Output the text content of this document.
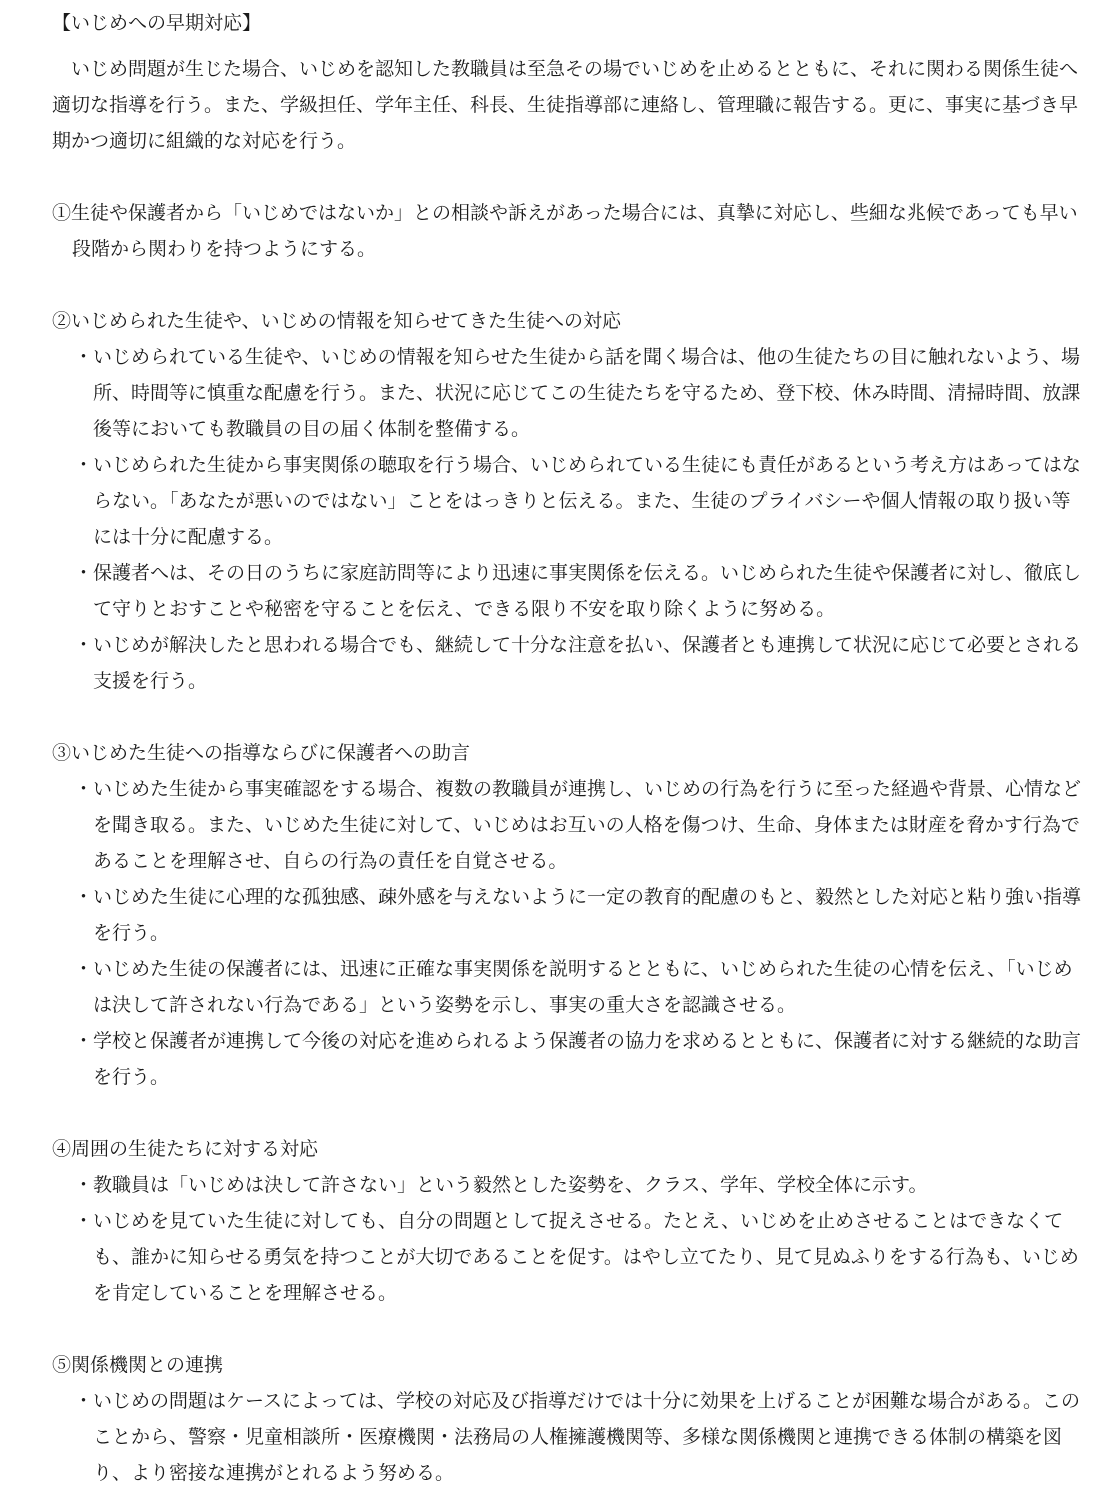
【いじめへの早期対応】

いじめ問題が生じた場合、いじめを認知した教職員は至急その場でいじめを止めるとともに、それに関わる関係生徒へ適切な指導を行う。また、学級担任、学年主任、科長、生徒指導部に連絡し、管理職に報告する。更に、事実に基づき早期かつ適切に組織的な対応を行う。

①生徒や保護者から「いじめではないか」との相談や訴えがあった場合には、真摯に対応し、些細な兆候であっても早い段階から関わりを持つようにする。

②いじめられた生徒や、いじめの情報を知らせてきた生徒への対応

・ いじめられている生徒や、いじめの情報を知らせた生徒から話を聞く場合は、他の生徒たちの目に触れないよう、場所、時間等に慎重な配慮を行う。また、状況に応じてこの生徒たちを守るため、登下校、休み時間、清掃時間、放課後等においても教職員の目の届く体制を整備する。
・ いじめられた生徒から事実関係の聴取を行う場合、いじめられている生徒にも責任があるという考え方はあってはならない。「あなたが悪いのではない」ことをはっきりと伝える。また、生徒のプライバシーや個人情報の取り扱い等には十分に配慮する。
・ 保護者へは、その日のうちに家庭訪問等により迅速に事実関係を伝える。いじめられた生徒や保護者に対し、徹底して守りとおすことや秘密を守ることを伝え、できる限り不安を取り除くように努める。
・ いじめが解決したと思われる場合でも、継続して十分な注意を払い、保護者とも連携して状況に応じて必要とされる支援を行う。

③いじめた生徒への指導ならびに保護者への助言

・ いじめた生徒から事実確認をする場合、複数の教職員が連携し、いじめの行為を行うに至った経過や背景、心情などを聞き取る。また、いじめた生徒に対して、いじめはお互いの人格を傷つけ、生命、身体または財産を脅かす行為であることを理解させ、自らの行為の責任を自覚させる。
・ いじめた生徒に心理的な孤独感、疎外感を与えないように一定の教育的配慮のもと、毅然とした対応と粘り強い指導を行う。
・ いじめた生徒の保護者には、迅速に正確な事実関係を説明するとともに、いじめられた生徒の心情を伝え、「いじめは決して許されない行為である」という姿勢を示し、事実の重大さを認識させる。
・ 学校と保護者が連携して今後の対応を進められるよう保護者の協力を求めるとともに、保護者に対する継続的な助言を行う。

④周囲の生徒たちに対する対応

・ 教職員は「いじめは決して許さない」という毅然とした姿勢を、クラス、学年、学校全体に示す。
・ いじめを見ていた生徒に対しても、自分の問題として捉えさせる。たとえ、いじめを止めさせることはできなくても、誰かに知らせる勇気を持つことが大切であることを促す。はやし立てたり、見て見ぬふりをする行為も、いじめを肯定していることを理解させる。

⑤関係機関との連携

・ いじめの問題はケースによっては、学校の対応及び指導だけでは十分に効果を上げることが困難な場合がある。このことから、警察・児童相談所・医療機関・法務局の人権擁護機関等、多様な関係機関と連携できる体制の構築を図り、より密接な連携がとれるよう努める。
